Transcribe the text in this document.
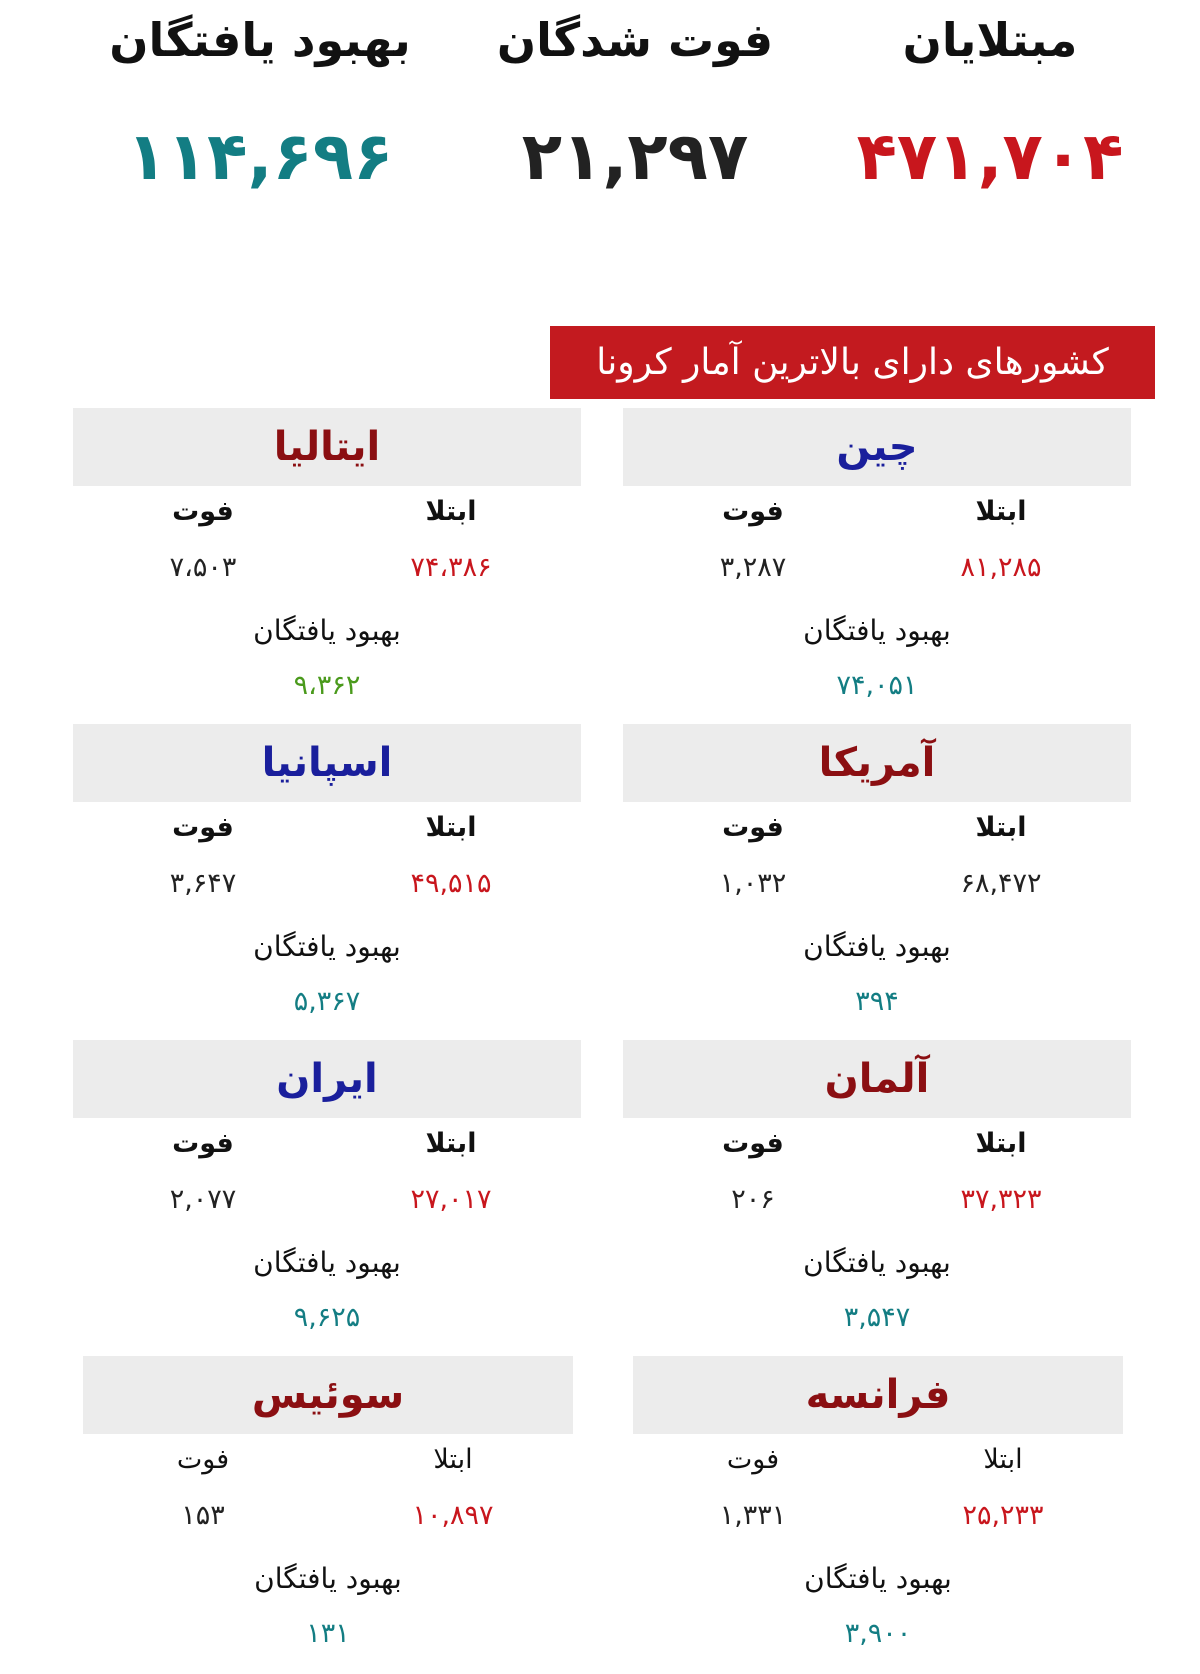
مبتلایان
۴۷۱,۷۰۴
فوت شدگان
۲۱,۲۹۷
بهبود یافتگان
۱۱۴,۶۹۶
کشورهای دارای بالاترین آمار کرونا
چین
ابتلا
فوت
۸۱,۲۸۵
۳,۲۸۷
بهبود یافتگان
۷۴,۰۵۱
ایتالیا
ابتلا
فوت
۷۴،۳۸۶
۷،۵۰۳
بهبود یافتگان
۹،۳۶۲
آمریکا
ابتلا
فوت
۶۸,۴۷۲
۱,۰۳۲
بهبود یافتگان
۳۹۴
اسپانیا
ابتلا
فوت
۴۹,۵۱۵
۳,۶۴۷
بهبود یافتگان
۵,۳۶۷
آلمان
ابتلا
فوت
۳۷,۳۲۳
۲۰۶
بهبود یافتگان
۳,۵۴۷
ایران
ابتلا
فوت
۲۷,۰۱۷
۲,۰۷۷
بهبود یافتگان
۹,۶۲۵
فرانسه
ابتلا
فوت
۲۵,۲۳۳
۱,۳۳۱
بهبود یافتگان
۳,۹۰۰
سوئیس
ابتلا
فوت
۱۰,۸۹۷
۱۵۳
بهبود یافتگان
۱۳۱
